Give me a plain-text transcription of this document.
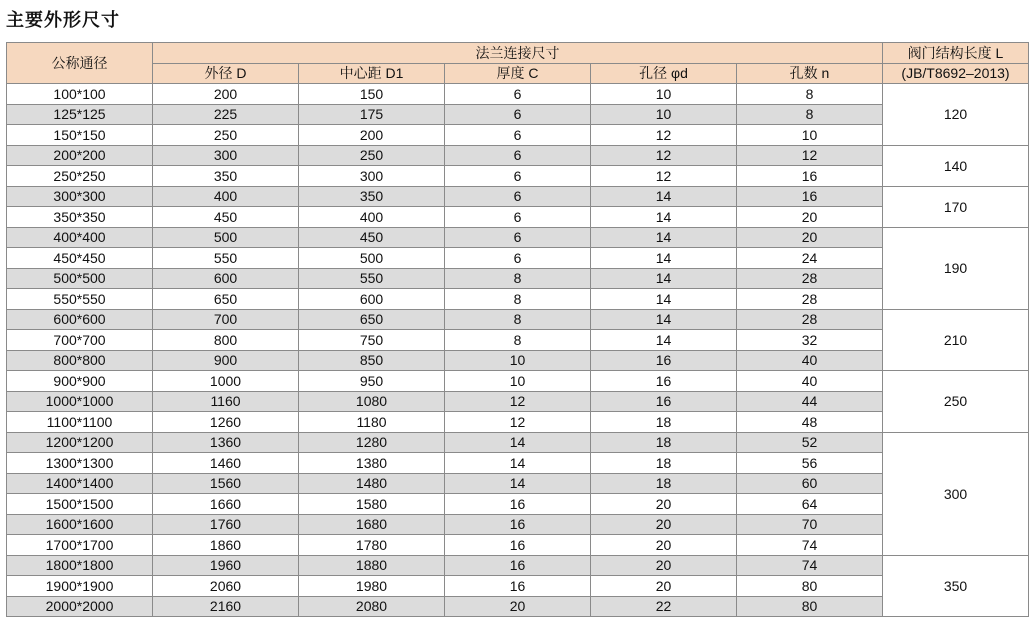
主要外形尺寸
公称通径	法兰连接尺寸					阀门结构长度 L
	外径 D	中心距 D1	厚度 C	孔径 φd	孔数 n	(JB/T8692–2013)
100*100	200	150	6	10	8	120
125*125	225	175	6	10	8	
150*150	250	200	6	12	10	
200*200	300	250	6	12	12	140
250*250	350	300	6	12	16	
300*300	400	350	6	14	16	170
350*350	450	400	6	14	20	
400*400	500	450	6	14	20	190
450*450	550	500	6	14	24	
500*500	600	550	8	14	28	
550*550	650	600	8	14	28	
600*600	700	650	8	14	28	210
700*700	800	750	8	14	32	
800*800	900	850	10	16	40	
900*900	1000	950	10	16	40	250
1000*1000	1160	1080	12	16	44	
1100*1100	1260	1180	12	18	48	
1200*1200	1360	1280	14	18	52	300
1300*1300	1460	1380	14	18	56	
1400*1400	1560	1480	14	18	60	
1500*1500	1660	1580	16	20	64	
1600*1600	1760	1680	16	20	70	
1700*1700	1860	1780	16	20	74	
1800*1800	1960	1880	16	20	74	350
1900*1900	2060	1980	16	20	80	
2000*2000	2160	2080	20	22	80	
